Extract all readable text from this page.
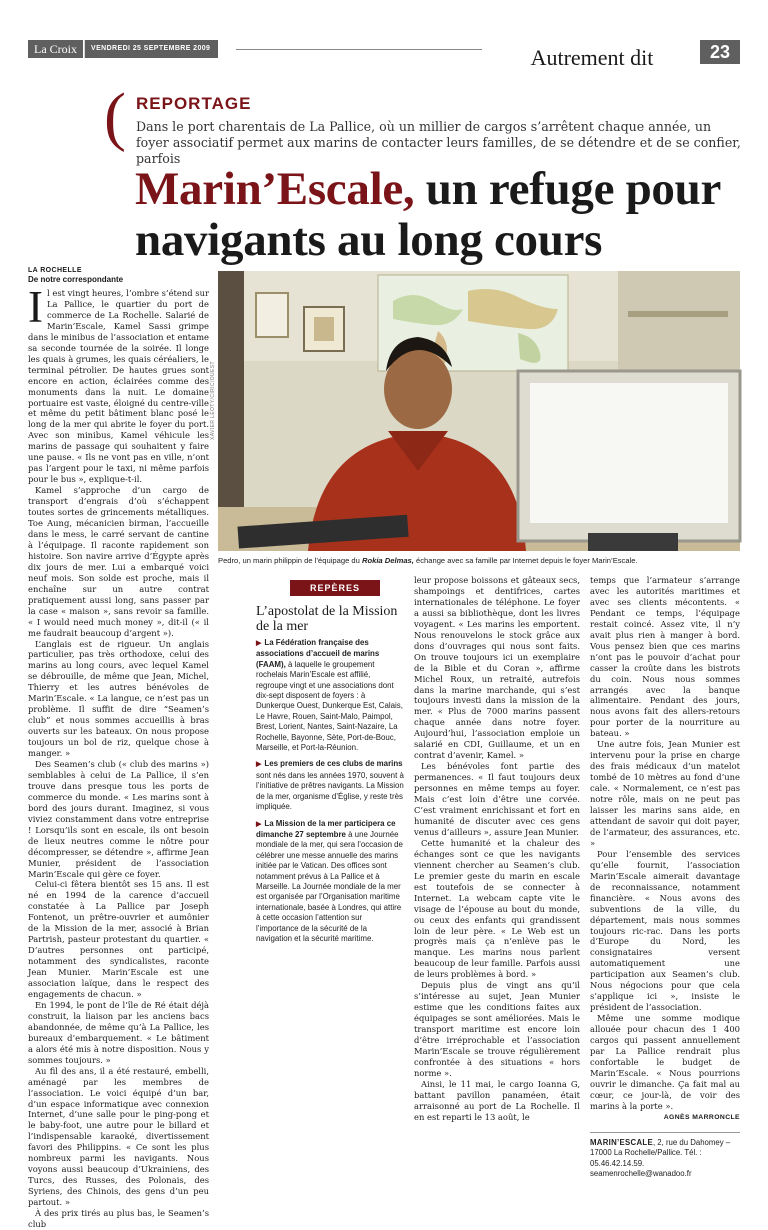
La Croix	VENDREDI 25 SEPTEMBRE 2009	Autrement dit	23
( REPORTAGE
Dans le port charentais de La Pallice, où un millier de cargos s’arrêtent chaque année, un foyer associatif permet aux marins de contacter leurs familles, de se détendre et de se confier, parfois
Marin’Escale, un refuge pour navigants au long cours
LA ROCHELLE
De notre correspondante

Il est vingt heures, l’ombre s’étend sur La Pallice, le quartier du port de commerce de La Rochelle. Salarié de Marin’Escale, Kamel Sassi grimpe dans le minibus de l’association et entame sa seconde tournée de la soirée. Il longe les quais à grumes, les quais céréaliers, le terminal pétrolier. De hautes grues sont encore en action, éclairées comme des monuments dans la nuit. Le domaine portuaire est vaste, éloigné du centre-ville et même du petit bâtiment blanc posé le long de la mer qui abrite le foyer du port. Avec son minibus, Kamel véhicule les marins de passage qui souhaitent y faire une pause. « Ils ne vont pas en ville, n’ont pas l’argent pour le taxi, ni même parfois pour le bus », explique-t-il.

Kamel s’approche d’un cargo de transport d’engrais d’où s’échappent toutes sortes de grincements métalliques. Toe Aung, mécanicien birman, l’accueille dans le mess, le carré servant de cantine à l’équipage. Il raconte rapidement son histoire. Son navire arrive d’Égypte après dix jours de mer. Lui a embarqué voici neuf mois. Son solde est proche, mais il enchaîne sur un autre contrat pratiquement aussi long, sans passer par la case « maison », sans revoir sa famille. « I would need much money », dit-il (« il me faudrait beaucoup d’argent »).

L’anglais est de rigueur. Un anglais particulier, pas très orthodoxe, celui des marins au long cours, avec lequel Kamel se débrouille, de même que Jean, Michel, Thierry et les autres bénévoles de Marin’Escale. « La langue, ce n’est pas un problème. Il suffit de dire “Seamen’s club” et nous sommes accueillis à bras ouverts sur les bateaux. On nous propose toujours un bol de riz, quelque chose à manger. »

Des Seamen’s club (« club des marins ») semblables à celui de La Pallice, il s’en trouve dans presque tous les ports de commerce du monde. « Les marins sont à bord des jours durant. Imaginez, si vous viviez constamment dans votre entreprise ! Lorsqu’ils sont en escale, ils ont besoin de lieux neutres comme le nôtre pour décompresser, se détendre », affirme Jean Munier, président de l’association Marin’Escale qui gère ce foyer.

Celui-ci fêtera bientôt ses 15 ans. Il est né en 1994 de la carence d’accueil constatée à La Pallice par Joseph Fontenot, un prêtre-ouvrier et aumônier de la Mission de la mer, associé à Brian Partrish, pasteur protestant du quartier. « D’autres personnes ont participé, notamment des syndicalistes, raconte Jean Munier. Marin’Escale est une association laïque, dans le respect des engagements de chacun. »

En 1994, le pont de l’île de Ré était déjà construit, la liaison par les anciens bacs abandonnée, de même qu’à La Pallice, les bureaux d’embarquement. « Le bâtiment a alors été mis à notre disposition. Nous y sommes toujours. »

Au fil des ans, il a été restauré, embelli, aménagé par les membres de l’association. Le voici équipé d’un bar, d’un espace informatique avec connexion Internet, d’une salle pour le ping-pong et le baby-foot, une autre pour le billard et l’indispensable karaoké, divertissement favori des Philippins. « Ce sont les plus nombreux parmi les navigants. Nous voyons aussi beaucoup d’Ukrainiens, des Turcs, des Russes, des Polonais, des Syriens, des Chinois, des gens d’un peu partout. »

À des prix tirés au plus bas, le Seamen’s club

XAVIER LÉOTY/CIRIC/OUEST
Pedro, un marin philippin de l’équipage du Rokia Delmas, échange avec sa famille par Internet depuis le foyer Marin’Escale.
REPÈRES
L’apostolat de la Mission de la mer
▶ La Fédération française des associations d’accueil de marins (FAAM), à laquelle le groupement rochelais Marin’Escale est affilié, regroupe vingt et une associations dont dix-sept disposent de foyers : à Dunkerque Ouest, Dunkerque Est, Calais, Le Havre, Rouen, Saint-Malo, Paimpol, Brest, Lorient, Nantes, Saint-Nazaire, La Rochelle, Bayonne, Sète, Port-de-Bouc, Marseille, et Port-la-Réunion.
▶ Les premiers de ces clubs de marins sont nés dans les années 1970, souvent à l’initiative de prêtres navigants. La Mission de la mer, organisme d’Église, y reste très impliquée.
▶ La Mission de la mer participera ce dimanche 27 septembre à une Journée mondiale de la mer, qui sera l’occasion de célébrer une messe annuelle des marins initiée par le Vatican. Des offices sont notamment prévus à La Pallice et à Marseille. La Journée mondiale de la mer est organisée par l’Organisation maritime internationale, basée à Londres, qui attire à cette occasion l’attention sur l’importance de la sécurité de la navigation et la sécurité maritime.

leur propose boissons et gâteaux secs, shampoings et dentifrices, cartes internationales de téléphone. Le foyer a aussi sa bibliothèque, dont les livres voyagent. « Les marins les emportent. Nous renouvelons le stock grâce aux dons d’ouvrages qui nous sont faits. On trouve toujours ici un exemplaire de la Bible et du Coran », affirme Michel Roux, un retraité, autrefois dans la marine marchande, qui s’est toujours investi dans la mission de la mer. « Plus de 7000 marins passent chaque année dans notre foyer. Aujourd’hui, l’association emploie un salarié en CDI, Guillaume, et un en contrat d’avenir, Kamel. »

Les bénévoles font partie des permanences. « Il faut toujours deux personnes en même temps au foyer. Mais c’est loin d’être une corvée. C’est vraiment enrichissant et fort en humanité de discuter avec ces gens venus d’ailleurs », assure Jean Munier.

Cette humanité et la chaleur des échanges sont ce que les navigants viennent chercher au Seamen’s club. Le premier geste du marin en escale est toutefois de se connecter à Internet. La webcam capte vite le visage de l’épouse au bout du monde, ou ceux des enfants qui grandissent loin de leur père. « Le Web est un progrès mais ça n’enlève pas le manque. Les marins nous parlent beaucoup de leur famille. Parfois aussi de leurs problèmes à bord. »

Depuis plus de vingt ans qu’il s’intéresse au sujet, Jean Munier estime que les conditions faites aux équipages se sont améliorées. Mais le transport maritime est encore loin d’être irréprochable et l’association Marin’Escale se trouve régulièrement confrontée à des situations « hors norme ».

Ainsi, le 11 mai, le cargo Ioanna G, battant pavillon panaméen, était arraisonné au port de La Rochelle. Il en est reparti le 13 août, le

temps que l’armateur s’arrange avec les autorités maritimes et avec ses clients mécontents. « Pendant ce temps, l’équipage restait coincé. Assez vite, il n’y avait plus rien à manger à bord. Vous pensez bien que ces marins n’ont pas le pouvoir d’achat pour casser la croûte dans les bistrots du coin. Nous nous sommes arrangés avec la banque alimentaire. Pendant des jours, nous avons fait des allers-retours pour porter de la nourriture au bateau. »

Une autre fois, Jean Munier est intervenu pour la prise en charge des frais médicaux d’un matelot tombé de 10 mètres au fond d’une cale. « Normalement, ce n’est pas notre rôle, mais on ne peut pas laisser les marins sans aide, en attendant de savoir qui doit payer, de l’armateur, des assurances, etc. »

Pour l’ensemble des services qu’elle fournit, l’association Marin’Escale aimerait davantage de reconnaissance, notamment financière. « Nous avons des subventions de la ville, du département, mais nous sommes toujours ric-rac. Dans les ports d’Europe du Nord, les consignataires versent automatiquement une participation aux Seamen’s club. Nous négocions pour que cela s’applique ici », insiste le président de l’association.

Même une somme modique allouée pour chacun des 1 400 cargos qui passent annuellement par La Pallice rendrait plus confortable le budget de Marin’Escale. « Nous pourrions ouvrir le dimanche. Ça fait mal au cœur, ce jour-là, de voir des marins à la porte ».

AGNÈS MARRONCLE
MARIN’ESCALE, 2, rue du Dahomey – 17000 La Rochelle/Pallice. Tél. : 05.46.42.14.59. seamenrochelle@wanadoo.fr
